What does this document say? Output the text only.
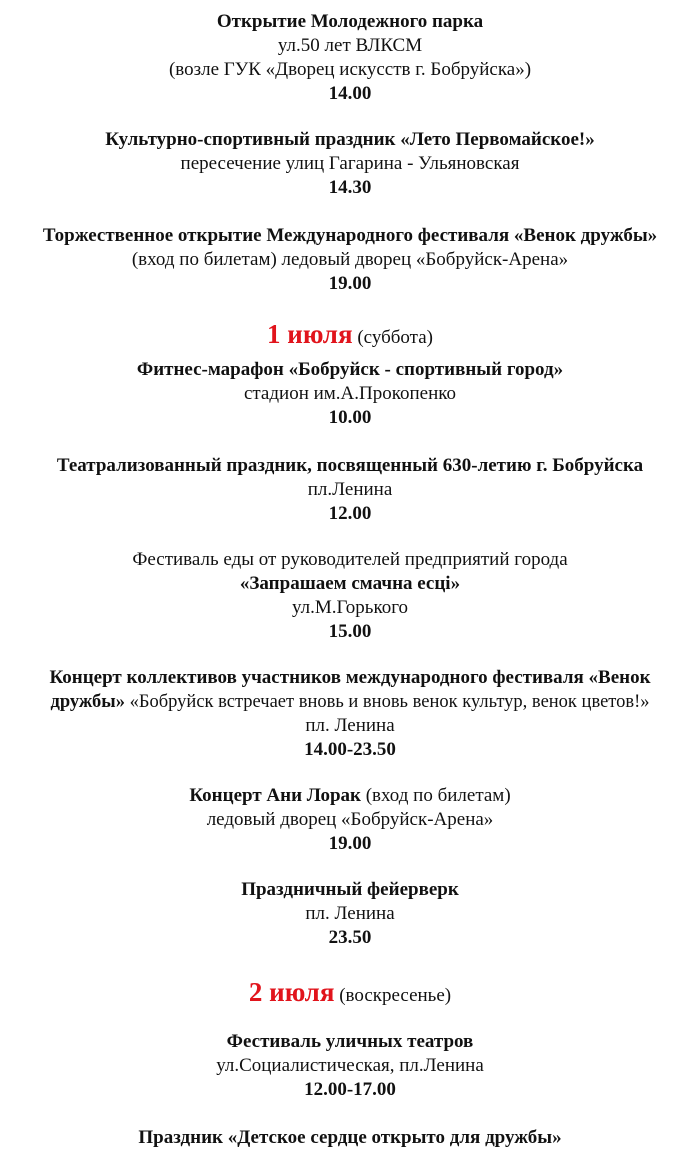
Открытие Молодежного парка
ул.50 лет ВЛКСМ
(возле ГУК «Дворец искусств г. Бобруйска»)
14.00
Культурно-спортивный праздник «Лето Первомайское!»
пересечение улиц Гагарина - Ульяновская
14.30
Торжественное открытие Международного фестиваля «Венок дружбы»
(вход по билетам) ледовый дворец «Бобруйск-Арена»
19.00
1 июля (суббота)
Фитнес-марафон «Бобруйск - спортивный город»
стадион им.А.Прокопенко
10.00
Театрализованный праздник, посвященный 630-летию г. Бобруйска
пл.Ленина
12.00
Фестиваль еды от руководителей предприятий города
«Запрашаем смачна есці»
ул.М.Горького
15.00
Концерт коллективов участников международного фестиваля «Венок
дружбы» «Бобруйск встречает вновь и вновь венок культур, венок цветов!»
пл. Ленина
14.00-23.50
Концерт Ани Лорак (вход по билетам)
ледовый дворец «Бобруйск-Арена»
19.00
Праздничный фейерверк
пл. Ленина
23.50
2 июля (воскресенье)
Фестиваль уличных театров
ул.Социалистическая, пл.Ленина
12.00-17.00
Праздник «Детское сердце открыто для дружбы»
